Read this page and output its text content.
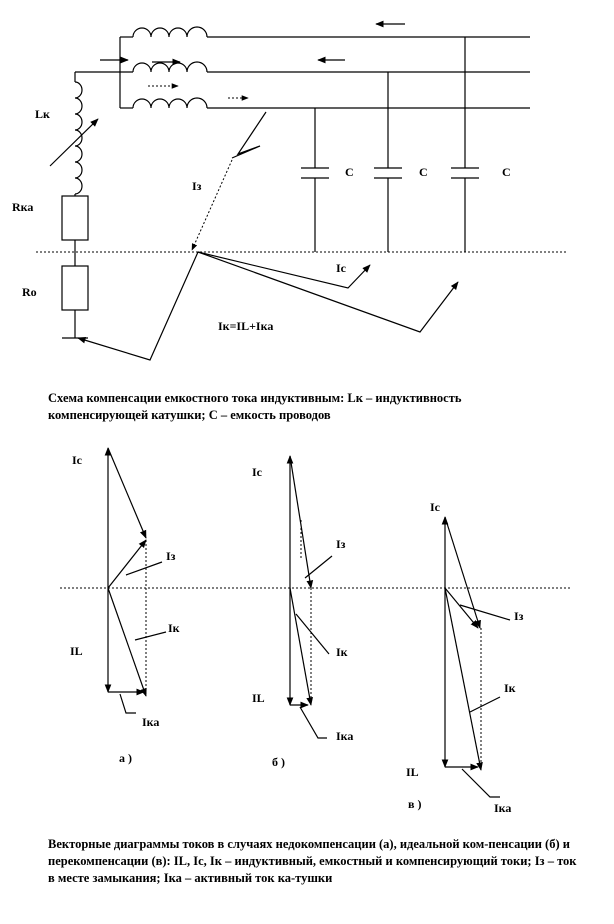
Lк
Rка
Ro
Iз
C	C	C
Ic
Iк=IL+Iка
Ic
Iз
Iк
IL
Iка
а )
Ic
Iз
Iк
IL
Iка
б )
Ic
Iз
Iк
IL
Iка
в )

Схема компенсации емкостного тока индуктивным: Lк – индуктивность
компенсирующей катушки; C – емкость проводов

Векторные диаграммы токов в случаях недокомпенсации (а), идеальной ком-пенсации (б) и перекомпенсации (в): IL, Ic, Iк – индуктивный, емкостный и компенсирующий токи; Iз – ток в месте замыкания; Iка – активный ток ка-тушки
